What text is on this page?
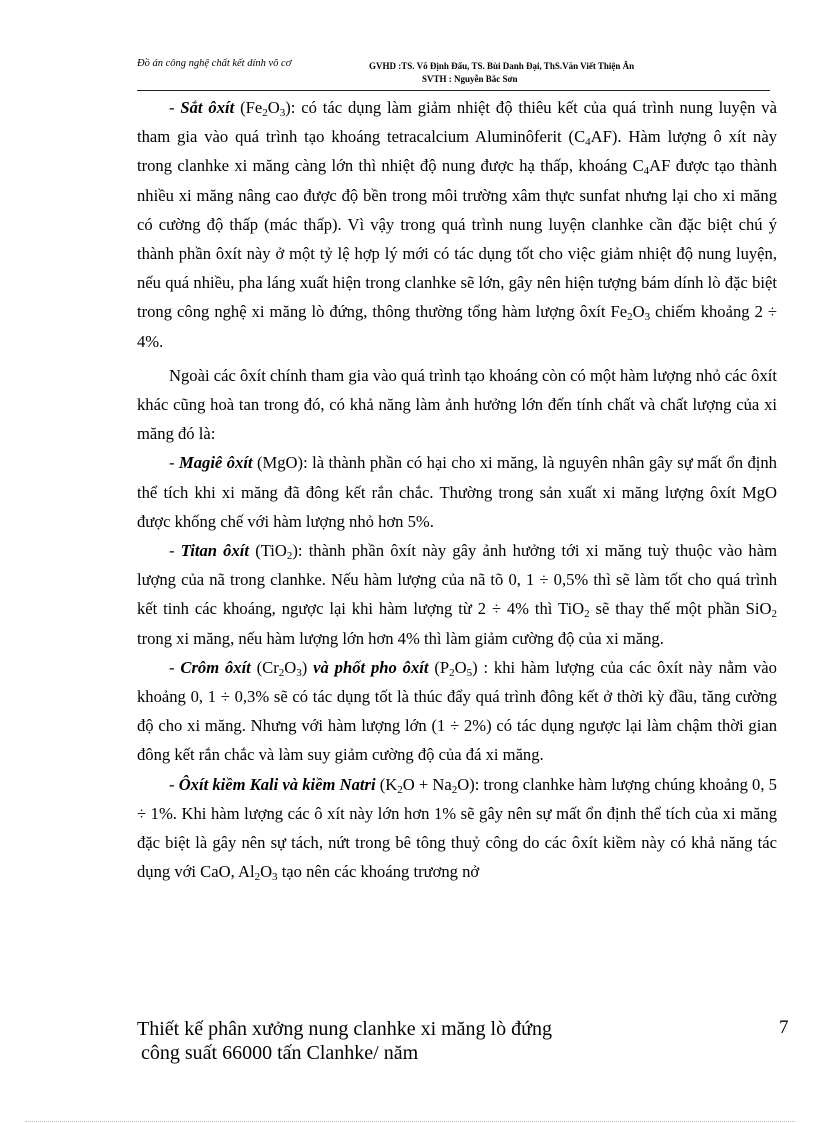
Đồ án công nghệ chất kết dính vô cơ	GVHD :TS. Võ Định Đấu, TS. Bùi Danh Đại, ThS.Văn Viết Thiện Ân
SVTH : Nguyễn Bắc Sơn

- Sắt ôxít $(Fe_2O_3)$: có tác dụng làm giảm nhiệt độ thiêu kết của quá trình nung luyện và tham gia vào quá trình tạo khoáng tetracalcium Aluminôferit $(C_4AF)$. Hàm lượng ô xít này trong clanhke xi măng càng lớn thì nhiệt độ nung được hạ thấp, khoáng $C_4AF$ được tạo thành nhiều xi măng nâng cao được độ bền trong môi trường xâm thực sunfat nhưng lại cho xi măng có cường độ thấp (mác thấp). Vì vậy trong quá trình nung luyện clanhke cần đặc biệt chú ý thành phần ôxít này ở một tỷ lệ hợp lý mới có tác dụng tốt cho việc giảm nhiệt độ nung luyện, nếu quá nhiều, pha láng xuất hiện trong clanhke sẽ lớn, gây nên hiện tượng bám dính lò đặc biệt trong công nghệ xi măng lò đứng, thông thường tổng hàm lượng ôxít $Fe_2O_3$ chiếm khoảng 2 ÷ 4%.

Ngoài các ôxít chính tham gia vào quá trình tạo khoáng còn có một hàm lượng nhỏ các ôxít khác cũng hoà tan trong đó, có khả năng làm ảnh hưởng lớn đến tính chất và chất lượng của xi măng đó là:

- Magiê ôxít (MgO): là thành phần có hại cho xi măng, là nguyên nhân gây sự mất ổn định thể tích khi xi măng đã đông kết rắn chắc. Thường trong sản xuất xi măng lượng ôxít MgO được khống chế với hàm lượng nhỏ hơn 5%.

- Titan ôxít (TiO$_2$): thành phần ôxít này gây ảnh hưởng tới xi măng tuỳ thuộc vào hàm lượng của nã trong clanhke. Nếu hàm lượng của nã tõ 0, 1 ÷ 0,5% thì sẽ làm tốt cho quá trình kết tinh các khoáng, ngược lại khi hàm lượng từ 2 ÷ 4% thì TiO$_2$ sẽ thay thế một phần SiO$_2$ trong xi măng, nếu hàm lượng lớn hơn 4% thì làm giảm cường độ của xi măng.

- Crôm ôxít $(Cr_2O_3)$ và phốt pho ôxít $(P_2O_5)$ : khi hàm lượng của các ôxít này nằm vào khoảng 0, 1 ÷ 0,3% sẽ có tác dụng tốt là thúc đẩy quá trình đông kết ở thời kỳ đầu, tăng cường độ cho xi măng. Nhưng với hàm lượng lớn (1 ÷ 2%) có tác dụng ngược lại làm chậm thời gian đông kết rắn chắc và làm suy giảm cường độ của đá xi măng.

- Ôxít kiềm Kali và kiềm Natri $(K_2O + Na_2O)$: trong clanhke hàm lượng chúng khoảng 0, 5 ÷ 1%. Khi hàm lượng các ô xít này lớn hơn 1% sẽ gây nên sự mất ổn định thể tích của xi măng đặc biệt là gây nên sự tách, nứt trong bê tông thuỷ công do các ôxít kiềm này có khả năng tác dụng với CaO, $Al_2O_3$ tạo nên các khoáng trương nở

Thiết kế phân xưởng nung clanhke xi măng lò đứng
công suất 66000 tấn Clanhke/ năm
7
